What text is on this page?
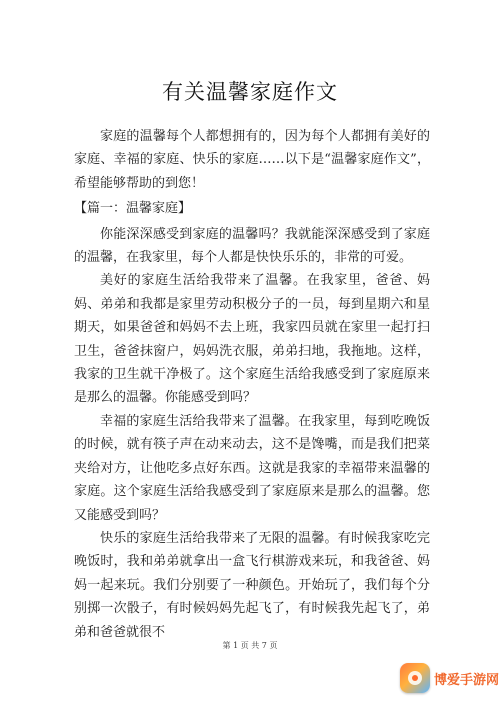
有关温馨家庭作文

家庭的温馨每个人都想拥有的，因为每个人都拥有美好的家庭、幸福的家庭、快乐的家庭……以下是“温馨家庭作文”，希望能够帮助的到您！

【篇一：温馨家庭】

你能深深感受到家庭的温馨吗？我就能深深感受到了家庭的温馨，在我家里，每个人都是快快乐乐的，非常的可爱。

美好的家庭生活给我带来了温馨。在我家里，爸爸、妈妈、弟弟和我都是家里劳动积极分子的一员，每到星期六和星期天，如果爸爸和妈妈不去上班，我家四员就在家里一起打扫卫生，爸爸抹窗户，妈妈洗衣服，弟弟扫地，我拖地。这样，我家的卫生就干净极了。这个家庭生活给我感受到了家庭原来是那么的温馨。你能感受到吗？

幸福的家庭生活给我带来了温馨。在我家里，每到吃晚饭的时候，就有筷子声在动来动去，这不是馋嘴，而是我们把菜夹给对方，让他吃多点好东西。这就是我家的幸福带来温馨的家庭。这个家庭生活给我感受到了家庭原来是那么的温馨。您又能感受到吗？

快乐的家庭生活给我带来了无限的温馨。有时候我家吃完晚饭时，我和弟弟就拿出一盒飞行棋游戏来玩，和我爸爸、妈妈一起来玩。我们分别要了一种颜色。开始玩了，我们每个分别掷一次骰子，有时候妈妈先起飞了，有时候我先起飞了，弟弟和爸爸就很不

第 1 页 共 7 页
博爱手游网
